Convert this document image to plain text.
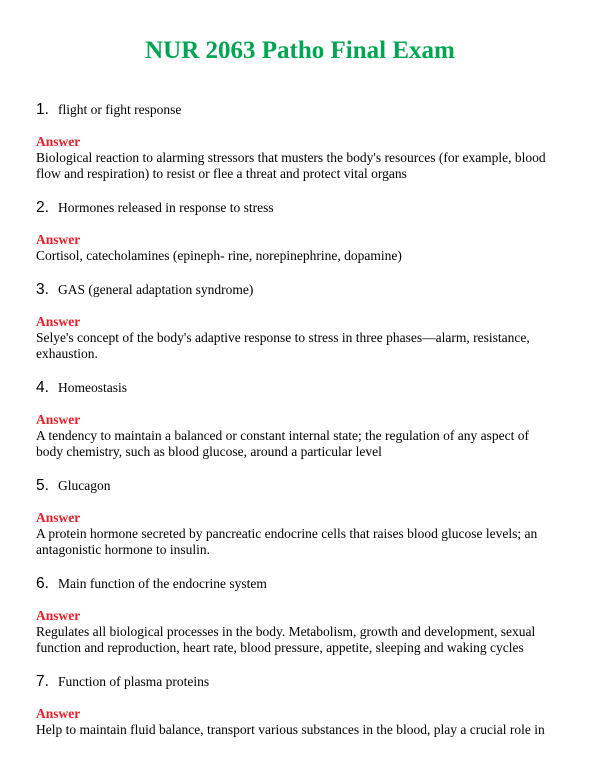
NUR 2063 Patho Final Exam
1. flight or fight response
Answer
Biological reaction to alarming stressors that musters the body's resources (for example, blood
flow and respiration) to resist or flee a threat and protect vital organs
2. Hormones released in response to stress
Answer
Cortisol, catecholamines (epineph- rine, norepinephrine, dopamine)
3. GAS (general adaptation syndrome)
Answer
Selye's concept of the body's adaptive response to stress in three phases—alarm, resistance,
exhaustion.
4. Homeostasis
Answer
A tendency to maintain a balanced or constant internal state; the regulation of any aspect of
body chemistry, such as blood glucose, around a particular level
5. Glucagon
Answer
A protein hormone secreted by pancreatic endocrine cells that raises blood glucose levels; an
antagonistic hormone to insulin.
6. Main function of the endocrine system
Answer
Regulates all biological processes in the body. Metabolism, growth and development, sexual
function and reproduction, heart rate, blood pressure, appetite, sleeping and waking cycles
7. Function of plasma proteins
Answer
Help to maintain fluid balance, transport various substances in the blood, play a crucial role in
